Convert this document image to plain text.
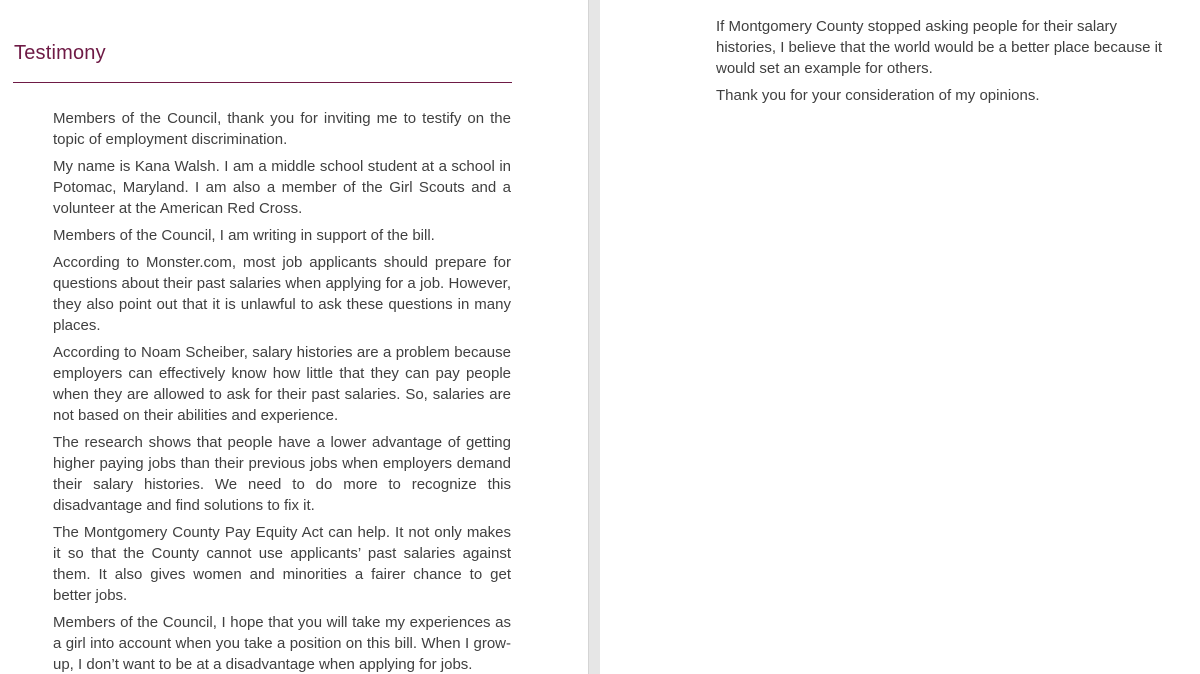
Testimony

Members of the Council, thank you for inviting me to testify on the topic of employment discrimination.

My name is Kana Walsh. I am a middle school student at a school in Potomac, Maryland. I am also a member of the Girl Scouts and a volunteer at the American Red Cross.

Members of the Council, I am writing in support of the bill.

According to Monster.com, most job applicants should prepare for questions about their past salaries when applying for a job. However, they also point out that it is unlawful to ask these questions in many places.

According to Noam Scheiber, salary histories are a problem because employers can effectively know how little that they can pay people when they are allowed to ask for their past salaries. So, salaries are not based on their abilities and experience.

The research shows that people have a lower advantage of getting higher paying jobs than their previous jobs when employers demand their salary histories. We need to do more to recognize this disadvantage and find solutions to fix it.

The Montgomery County Pay Equity Act can help. It not only makes it so that the County cannot use applicants’ past salaries against them. It also gives women and minorities a fairer chance to get better jobs.

Members of the Council, I hope that you will take my experiences as a girl into account when you take a position on this bill. When I grow-up, I don’t want to be at a disadvantage when applying for jobs.

If Montgomery County stopped asking people for their salary histories, I believe that the world would be a better place because it would set an example for others.

Thank you for your consideration of my opinions.
